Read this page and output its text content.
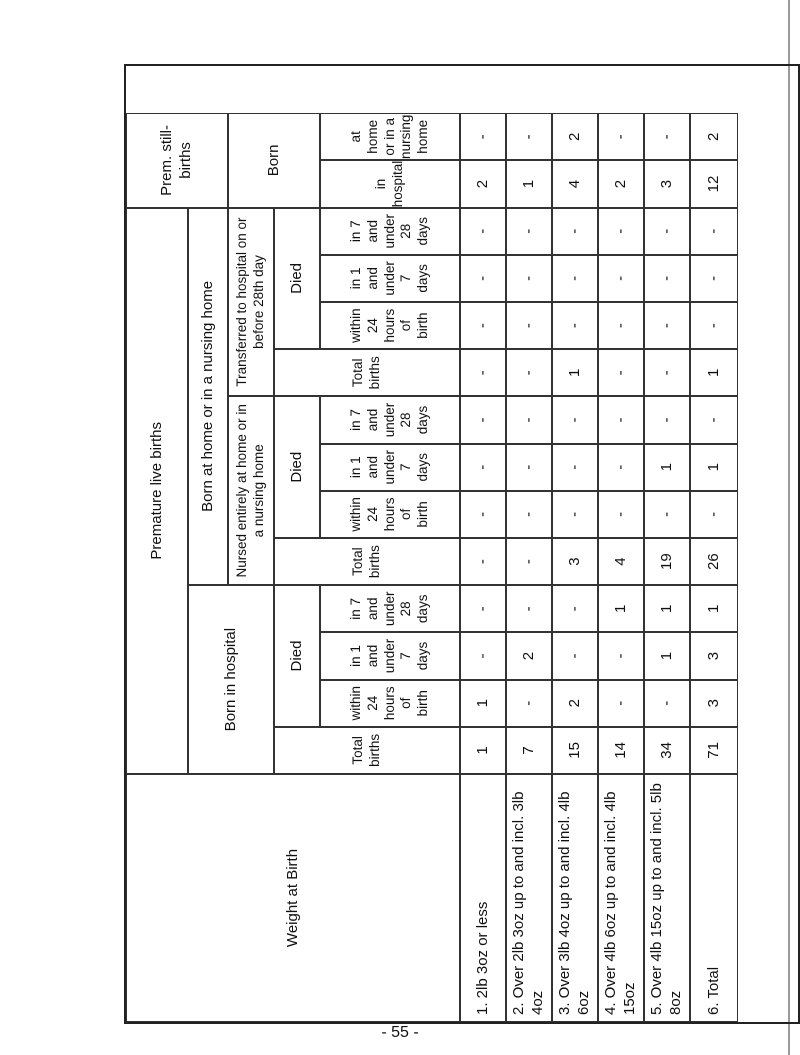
Weight at Birth
Premature live births
Prem. still-births
Born in hospital
Born at home or in a nursing home	Nursed entirely at home or in a nursing home
Transferred to hospital on or before 28th day
Born
Total births
Died
Total births
Died
Total births
Died
within 24 hours of birth
in 1 and under 7 days
in 7 and under 28 days
within 24 hours of birth
in 1 and under 7 days
in 7 and under 28 days
within 24 hours of birth
in 1 and under 7 days
in 7 and under 28 days
in hospital
at home or in a nursing home
1. 2lb 3oz or less
1
1
-
-
-
-
-
-
-
-
-
-
2
-
2. Over 2lb 3oz up to and incl. 3lb 4oz
7
-
2
-
-
-
-
-
-
-
-
-
1
-
3. Over 3lb 4oz up to and incl. 4lb 6oz
15
2
-
-
3
-
-
-
1
-
-
-
4
2
4. Over 4lb 6oz up to and incl. 4lb 15oz
14
-
-
1
4
-
-
-
-
-
-
-
2
-
5. Over 4lb 15oz up to and incl. 5lb 8oz
34
-
1
1
19
-
1
-
-
-
-
-
3
-
6. Total
71
3
3
1
26
-
1
-
1
-
-
-
12
2
- 55 -
